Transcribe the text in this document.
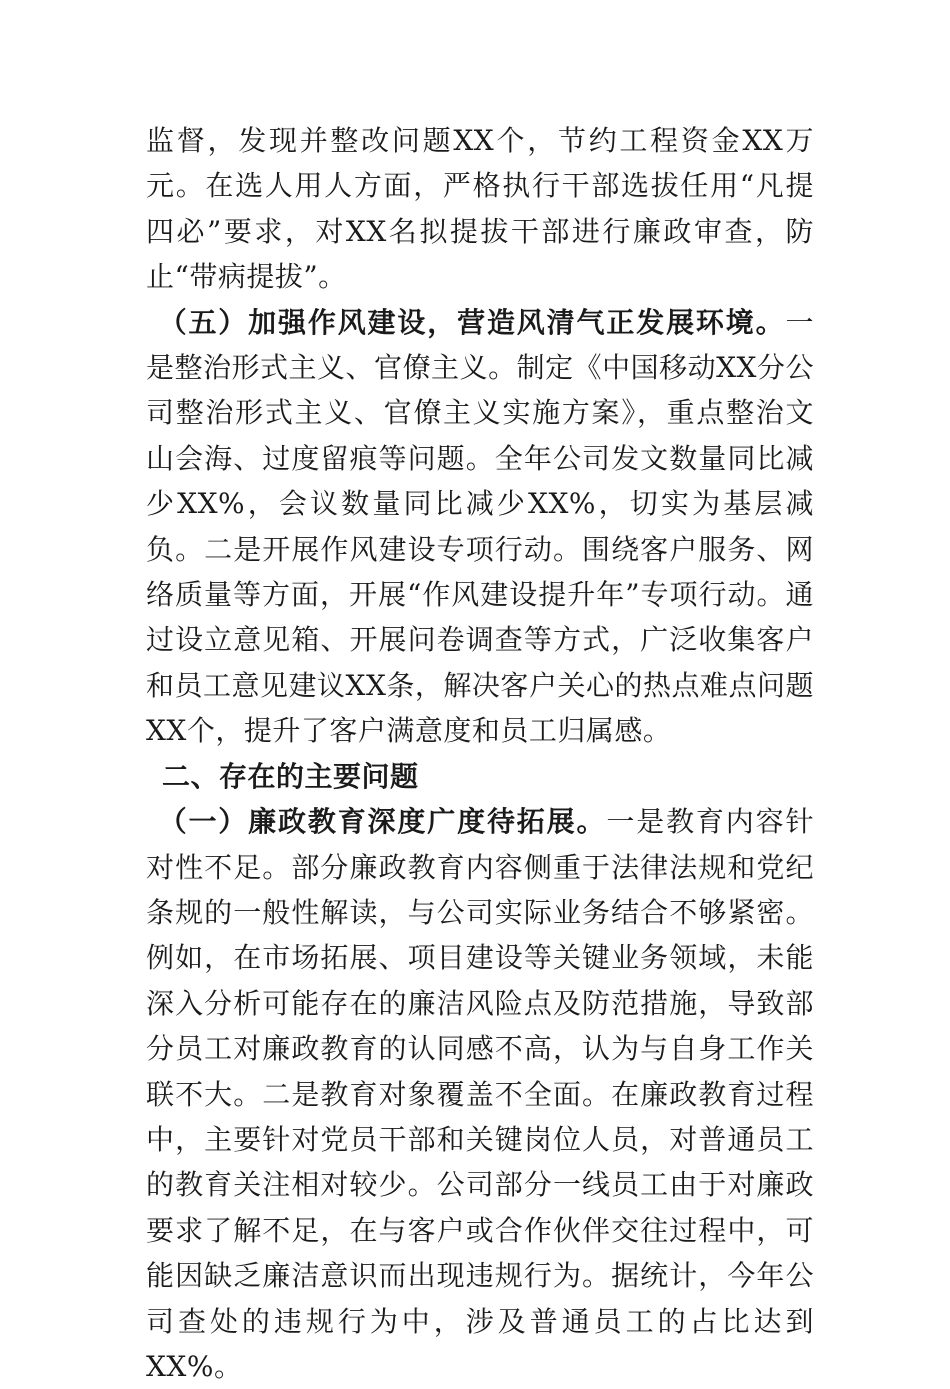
监督，发现并整改问题XX个，节约工程资金XX万元。在选人用人方面，严格执行干部选拔任用“凡提四必”要求，对XX名拟提拔干部进行廉政审查，防止“带病提拔”。

（五）加强作风建设，营造风清气正发展环境。一是整治形式主义、官僚主义。制定《中国移动XX分公司整治形式主义、官僚主义实施方案》，重点整治文山会海、过度留痕等问题。全年公司发文数量同比减少XX%，会议数量同比减少XX%，切实为基层减负。二是开展作风建设专项行动。围绕客户服务、网络质量等方面，开展“作风建设提升年”专项行动。通过设立意见箱、开展问卷调查等方式，广泛收集客户和员工意见建议XX条，解决客户关心的热点难点问题XX个，提升了客户满意度和员工归属感。

二、存在的主要问题

（一）廉政教育深度广度待拓展。一是教育内容针对性不足。部分廉政教育内容侧重于法律法规和党纪条规的一般性解读，与公司实际业务结合不够紧密。例如，在市场拓展、项目建设等关键业务领域，未能深入分析可能存在的廉洁风险点及防范措施，导致部分员工对廉政教育的认同感不高，认为与自身工作关联不大。二是教育对象覆盖不全面。在廉政教育过程中，主要针对党员干部和关键岗位人员，对普通员工的教育关注相对较少。公司部分一线员工由于对廉政要求了解不足，在与客户或合作伙伴交往过程中，可能因缺乏廉洁意识而出现违规行为。据统计，今年公司查处的违规行为中，涉及普通员工的占比达到XX%。
